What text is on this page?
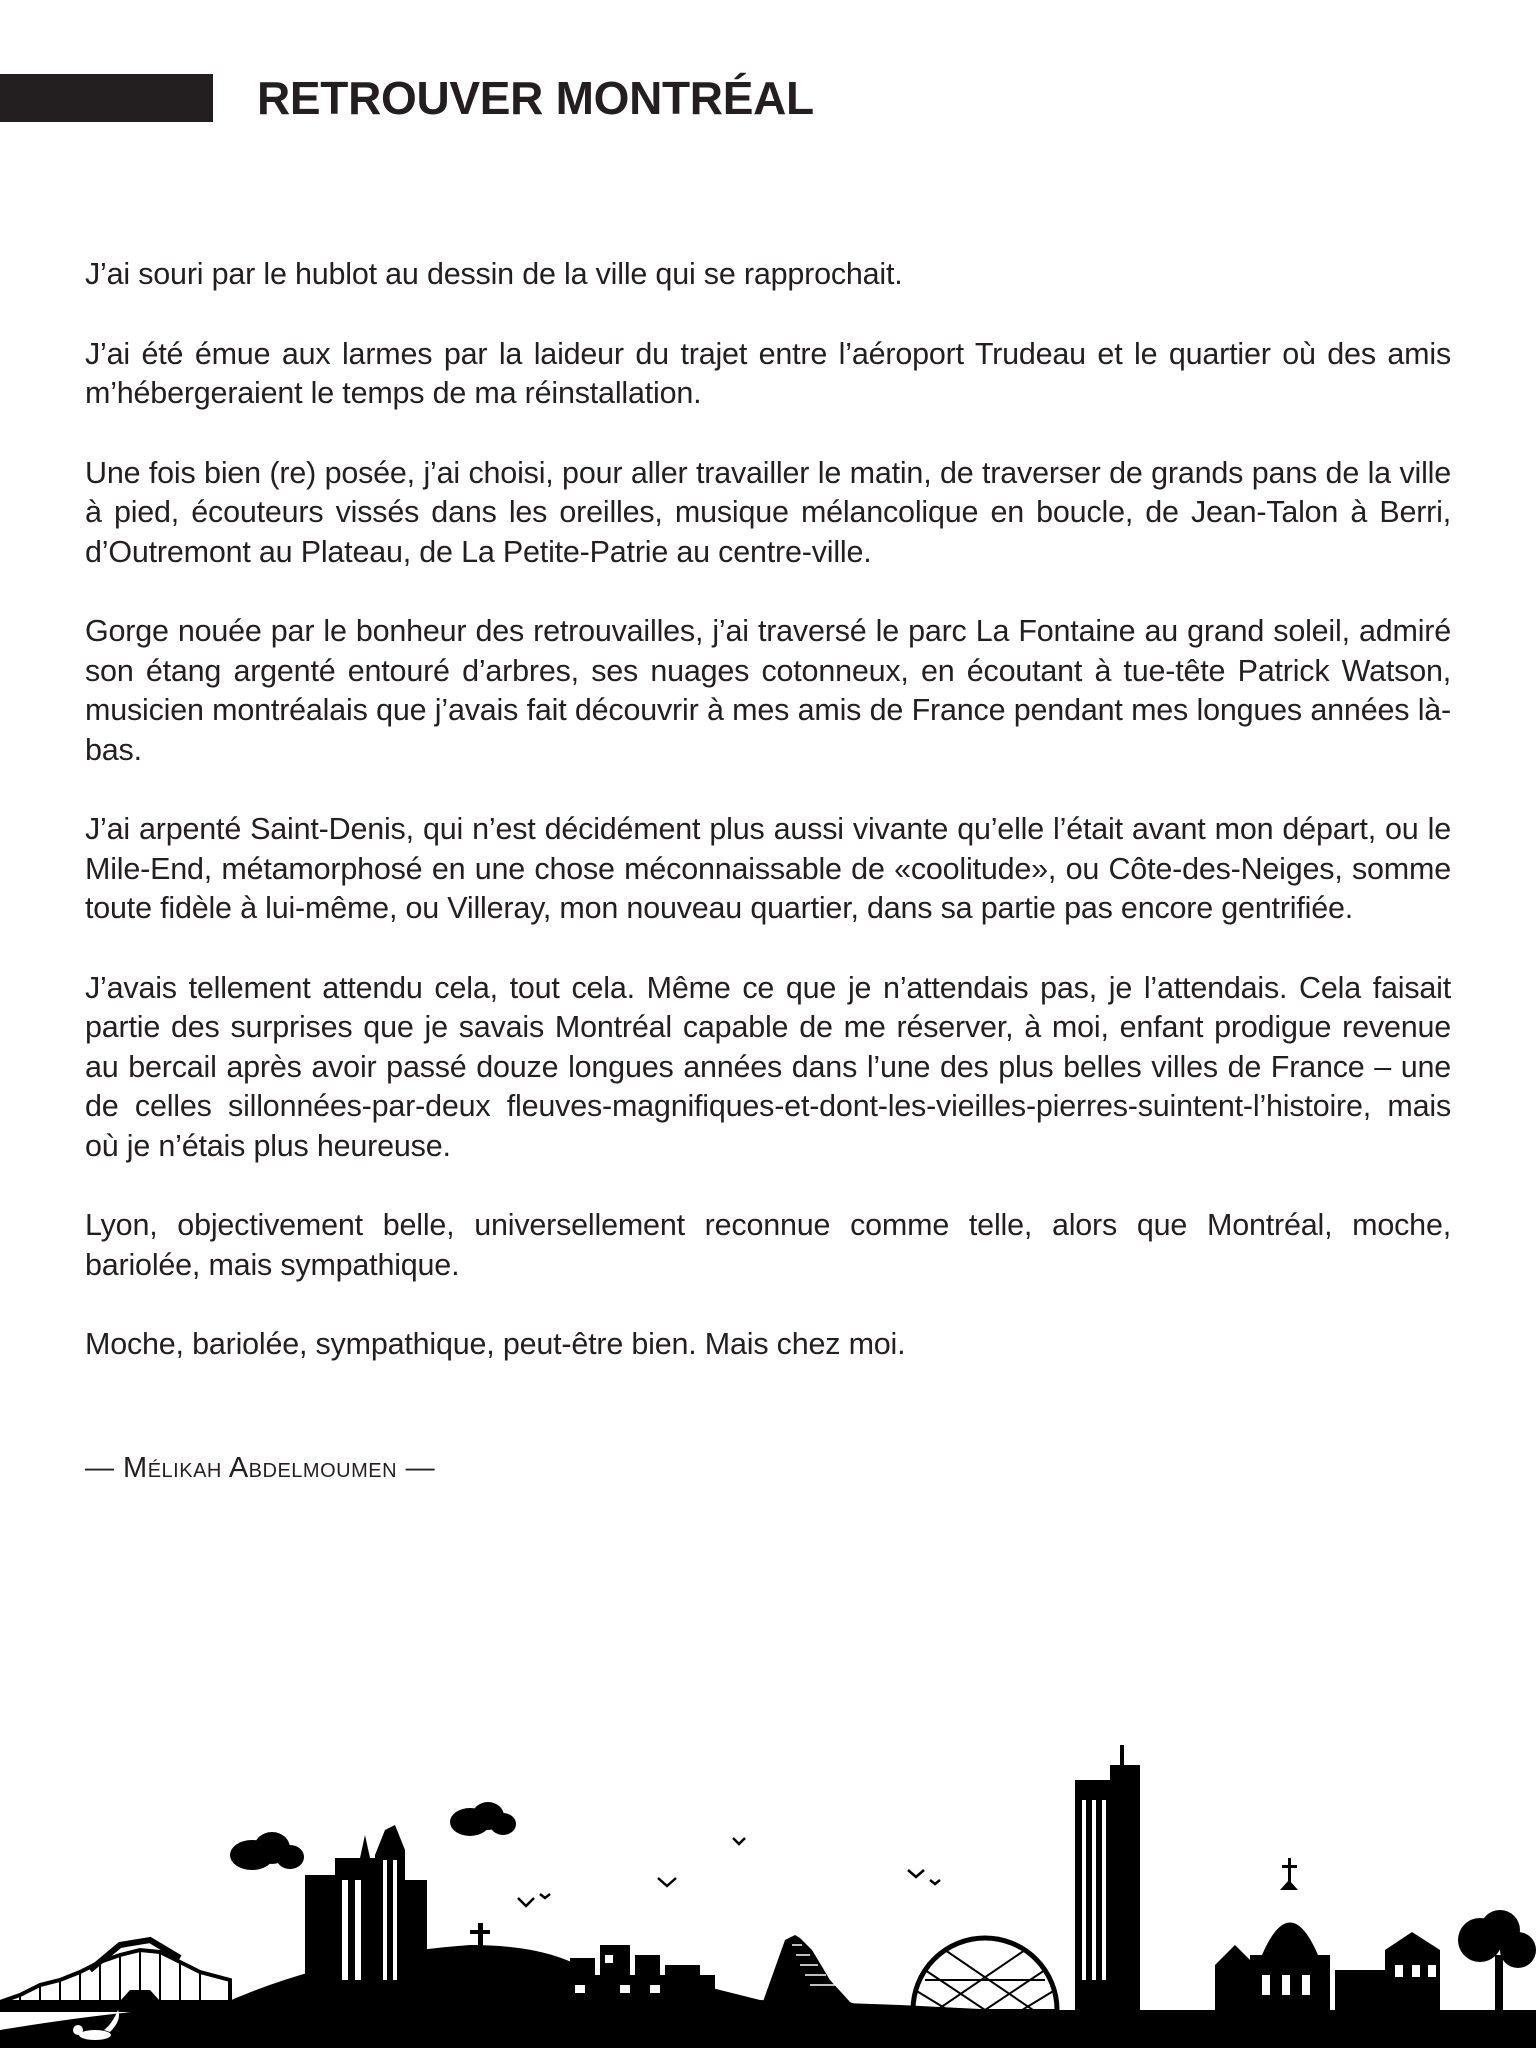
RETROUVER MONTRÉAL

J’ai souri par le hublot au dessin de la ville qui se rapprochait.

J’ai été émue aux larmes par la laideur du trajet entre l’aéroport Trudeau et le quartier où des amis m’hébergeraient le temps de ma réinstallation.

Une fois bien (re) posée, j’ai choisi, pour aller travailler le matin, de traverser de grands pans de la ville à pied, écouteurs vissés dans les oreilles, musique mélancolique en boucle, de Jean-Talon à Berri, d’Outremont au Plateau, de La Petite-Patrie au centre-ville.

Gorge nouée par le bonheur des retrouvailles, j’ai traversé le parc La Fontaine au grand soleil, admiré son étang argenté entouré d’arbres, ses nuages cotonneux, en écoutant à tue-tête Patrick Watson, musicien montréalais que j’avais fait découvrir à mes amis de France pendant mes longues années là-bas.

J’ai arpenté Saint-Denis, qui n’est décidément plus aussi vivante qu’elle l’était avant mon départ, ou le Mile-End, métamorphosé en une chose méconnaissable de «coolitude», ou Côte-des-Neiges, somme toute fidèle à lui-même, ou Villeray, mon nouveau quartier, dans sa partie pas encore gentrifiée.

J’avais tellement attendu cela, tout cela. Même ce que je n’attendais pas, je l’attendais. Cela faisait partie des surprises que je savais Montréal capable de me réserver, à moi, enfant prodigue revenue au bercail après avoir passé douze longues années dans l’une des plus belles villes de France – une de celles sillonnées-par-deux fleuves-magnifiques-et-dont-les-vieilles-pierres-suintent-l’histoire, mais où je n’étais plus heureuse.

Lyon, objectivement belle, universellement reconnue comme telle, alors que Montréal, moche, bariolée, mais sympathique.

Moche, bariolée, sympathique, peut-être bien. Mais chez moi.

— Mélikah Abdelmoumen —
